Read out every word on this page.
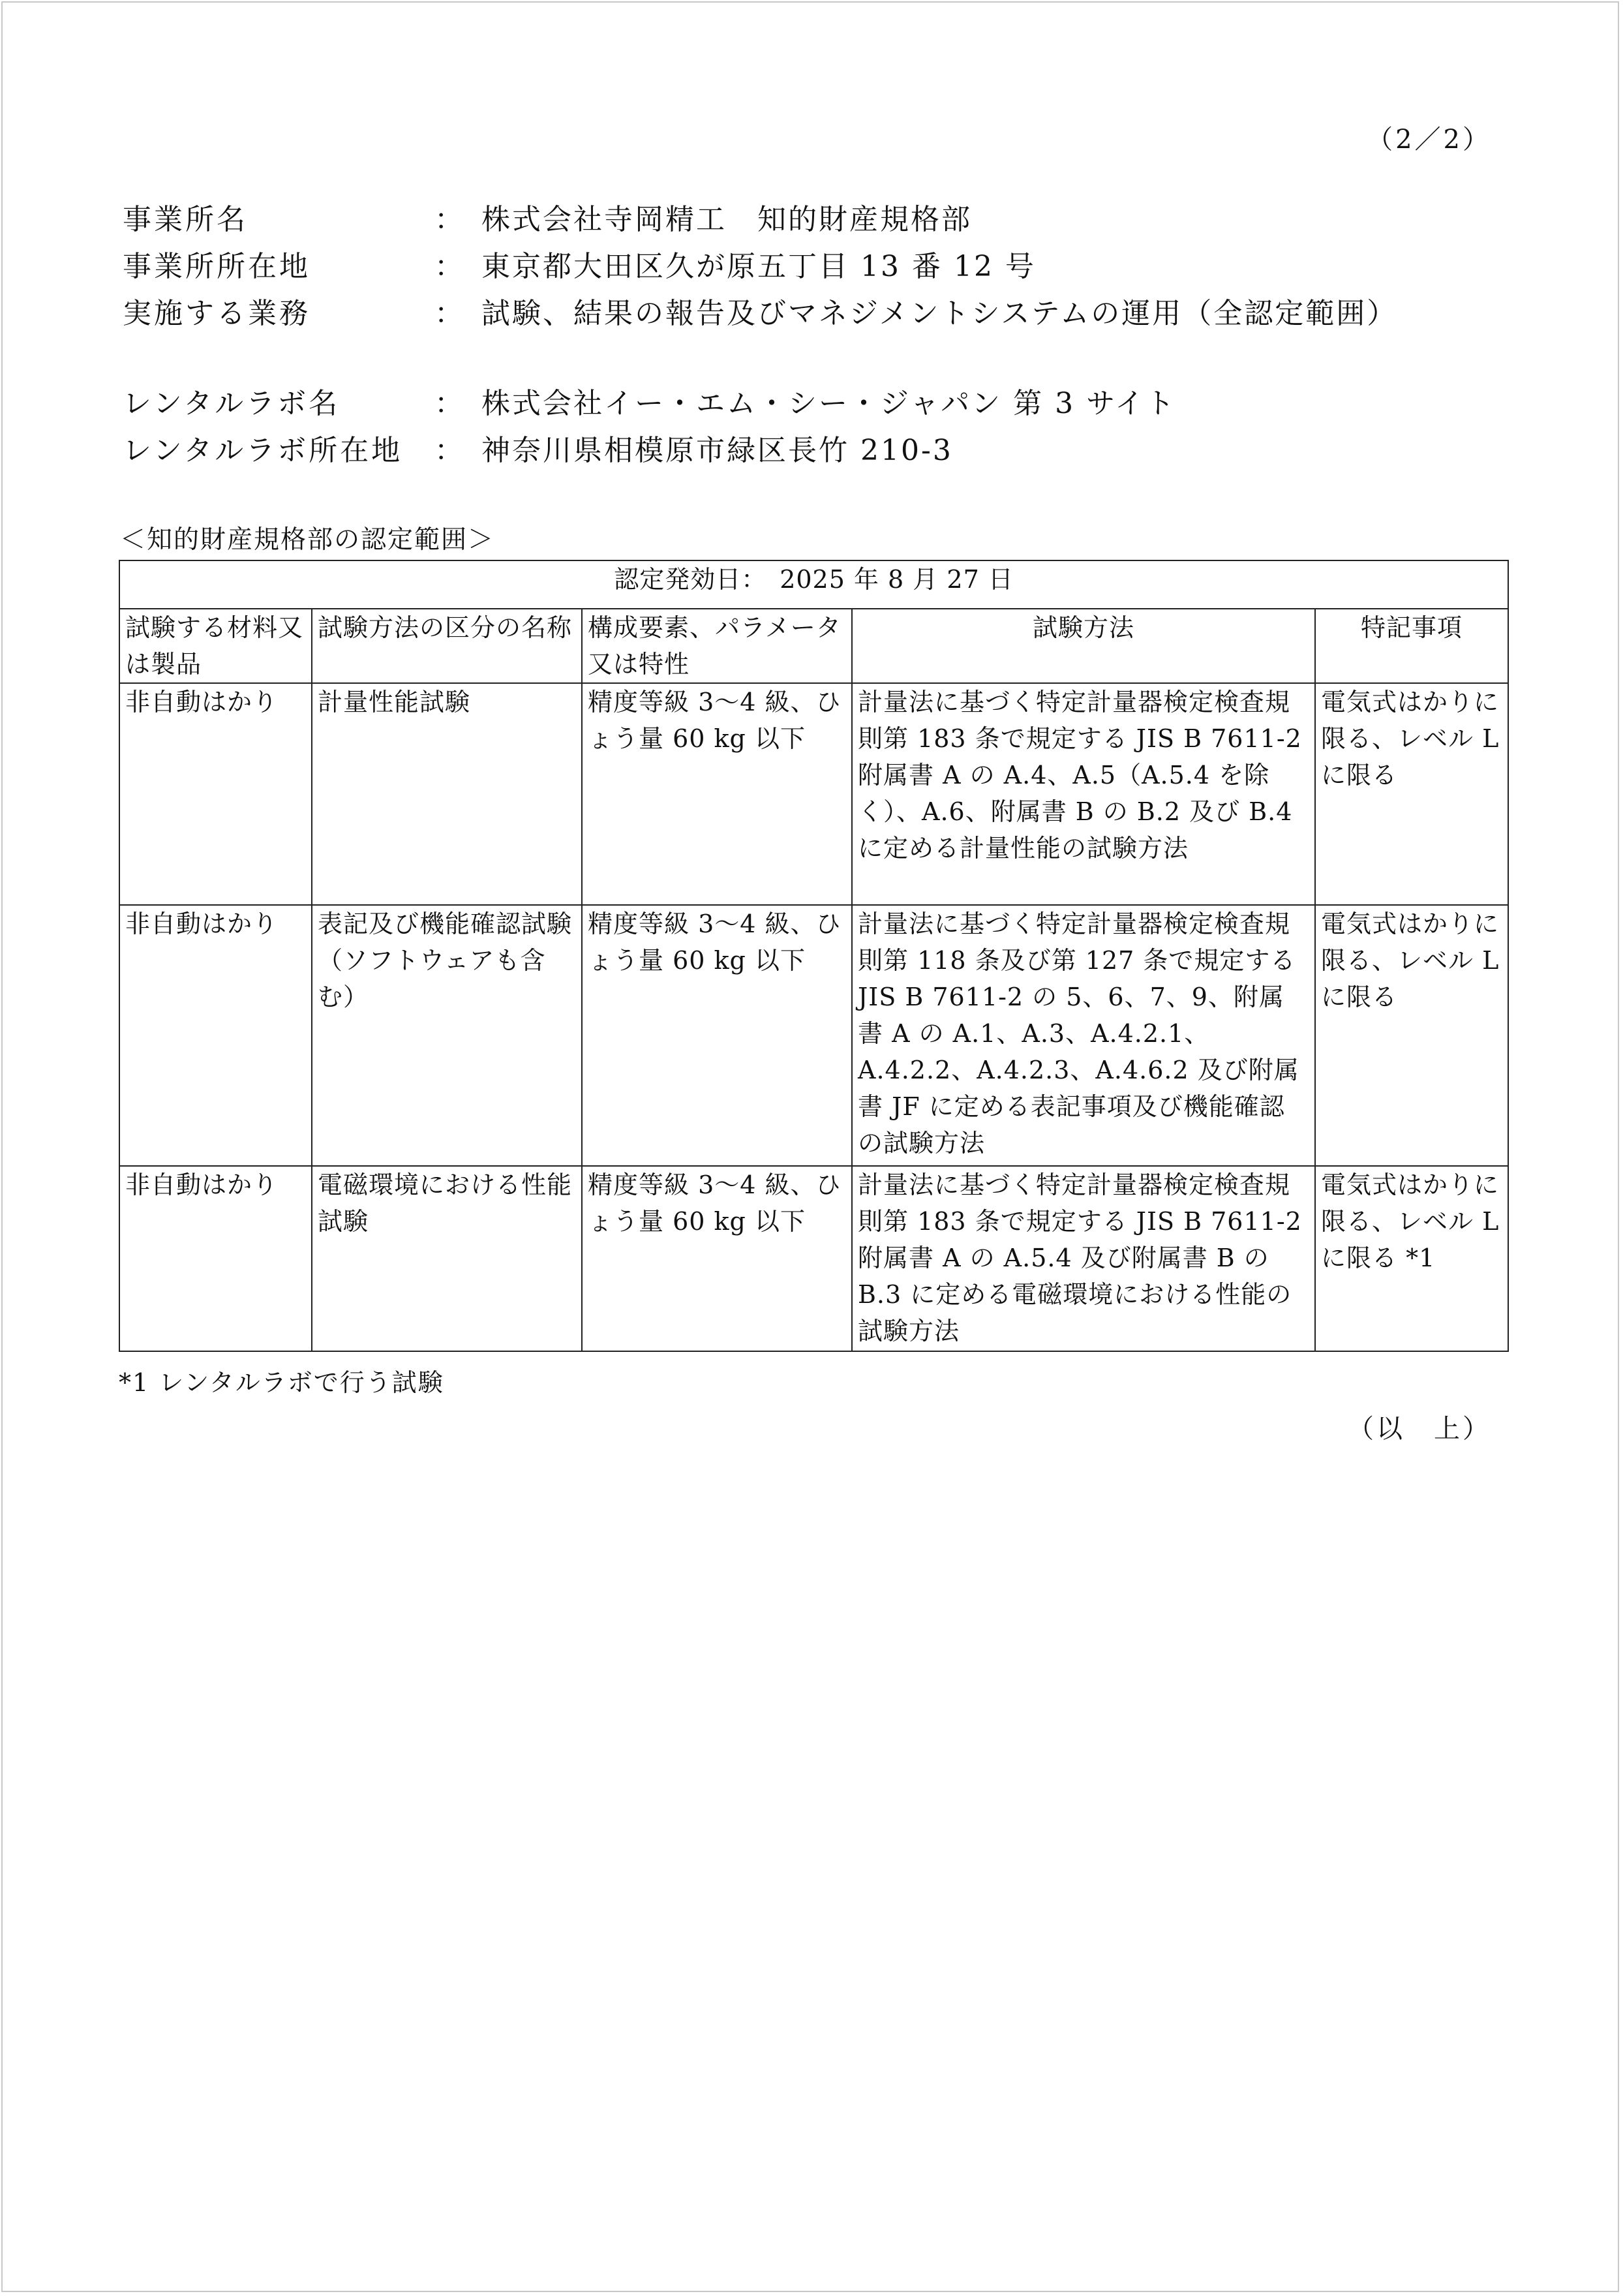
（2／2）
事業所名	： 株式会社寺岡精工　知的財産規格部
事業所所在地	： 東京都大田区久が原五丁目 13 番 12 号
実施する業務	： 試験、結果の報告及びマネジメントシステムの運用（全認定範囲）
レンタルラボ名	： 株式会社イー・エム・シー・ジャパン 第 3 サイト
レンタルラボ所在地 ： 神奈川県相模原市緑区長竹 210-3
＜知的財産規格部の認定範囲＞
認定発効日：　2025 年 8 月 27 日				
試験する材料又は製品	試験方法の区分の名称	構成要素、パラメータ又は特性	試験方法	特記事項
非自動はかり	計量性能試験	精度等級 3～4 級、ひょう量 60 kg 以下	計量法に基づく特定計量器検定検査規則第 183 条で規定する JIS B 7611-2 附属書 A の A.4、A.5（A.5.4 を除く）、A.6、附属書 B の B.2 及び B.4 に定める計量性能の試験方法	電気式はかりに限る、レベル L に限る
非自動はかり	表記及び機能確認試験（ソフトウェアも含む）	精度等級 3～4 級、ひょう量 60 kg 以下	計量法に基づく特定計量器検定検査規則第 118 条及び第 127 条で規定する JIS B 7611-2 の 5、6、7、9、附属書 A の A.1、A.3、A.4.2.1、A.4.2.2、A.4.2.3、A.4.6.2 及び附属書 JF に定める表記事項及び機能確認の試験方法	電気式はかりに限る、レベル L に限る
非自動はかり	電磁環境における性能試験	精度等級 3～4 級、ひょう量 60 kg 以下	計量法に基づく特定計量器検定検査規則第 183 条で規定する JIS B 7611-2 附属書 A の A.5.4 及び附属書 B の B.3 に定める電磁環境における性能の試験方法	電気式はかりに限る、レベル L に限る *1
*1 レンタルラボで行う試験
（以　上）
